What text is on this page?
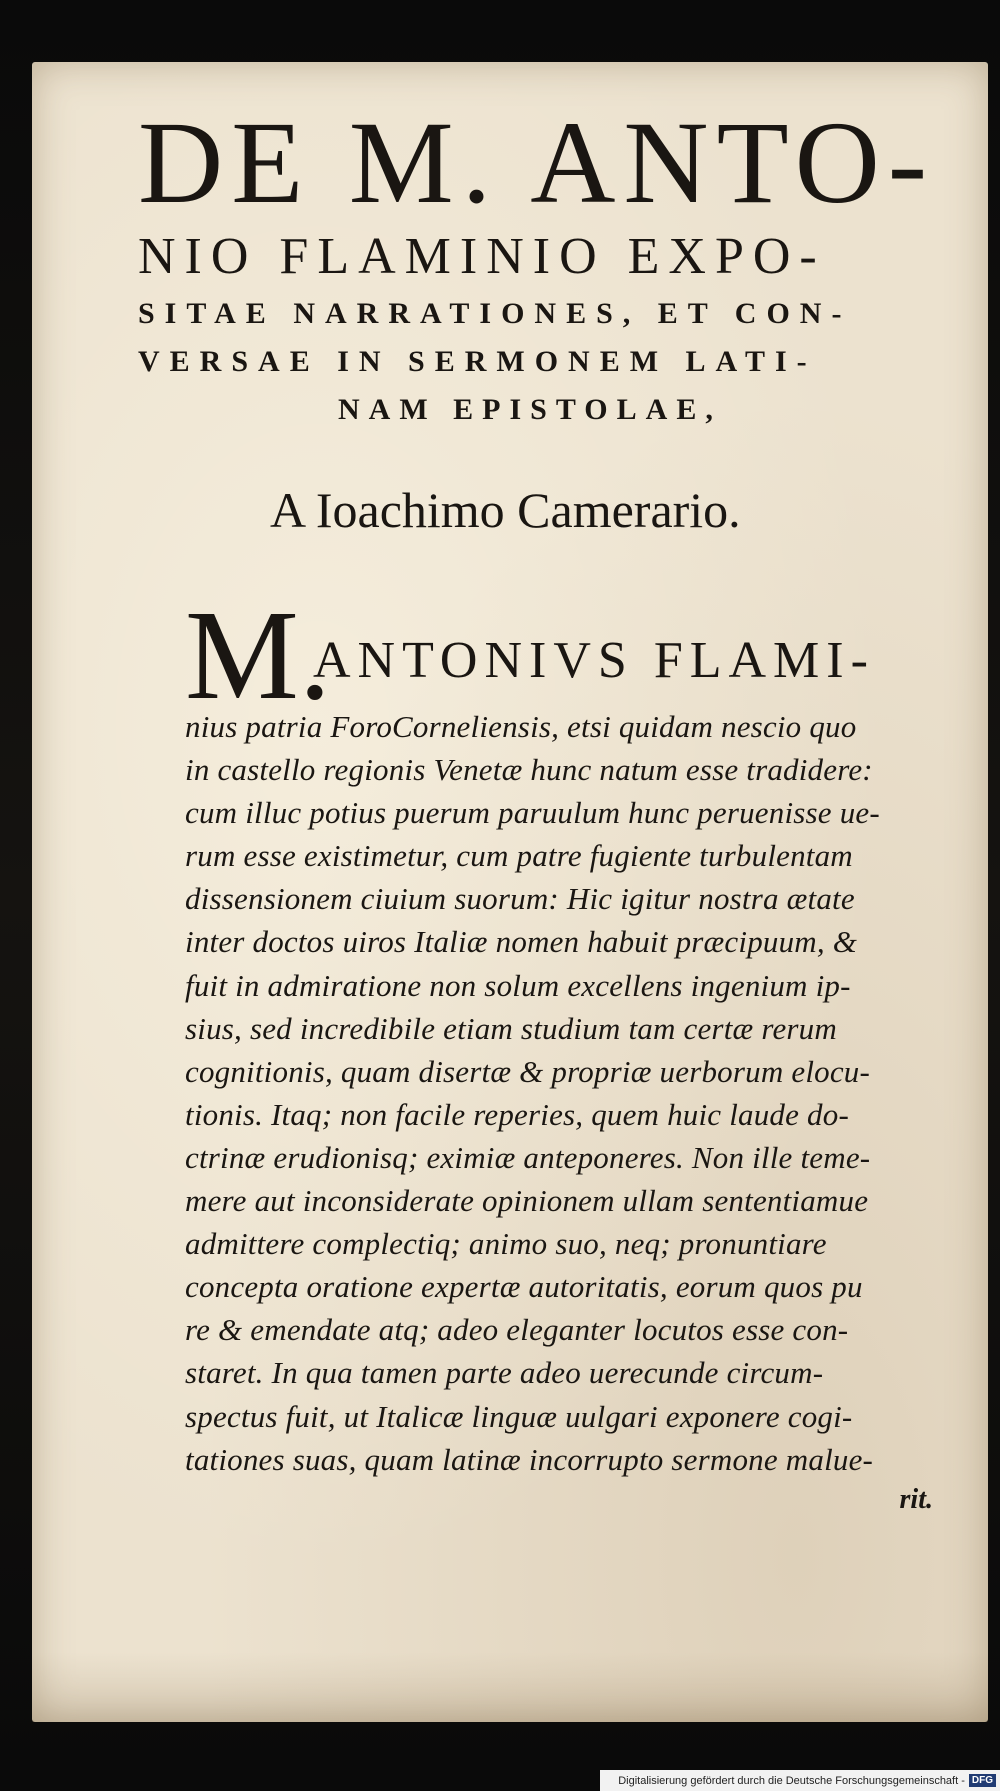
DE M. ANTO-
NIO FLAMINIO EXPO-
SITAE NARRATIONES, ET CON-
VERSAE IN SERMONEM LATI-
NAM EPISTOLAE,
A Ioachimo Camerario.
M.
ANTONIVS FLAMI-

nius patria ForoCorneliensis, etsi quidam nescio quo

in castello regionis Venetæ hunc natum esse tradidere:

cum illuc potius puerum paruulum hunc peruenisse ue-

rum esse existimetur, cum patre fugiente turbulentam

dissensionem ciuium suorum: Hic igitur nostra ætate

inter doctos uiros Italiæ nomen habuit præcipuum, &

fuit in admiratione non solum excellens ingenium ip-

sius, sed incredibile etiam studium tam certæ rerum

cognitionis, quam disertæ & propriæ uerborum elocu-

tionis. Itaq; non facile reperies, quem huic laude do-

ctrinæ erudionisq; eximiæ anteponeres. Non ille teme-

mere aut inconsiderate opinionem ullam sententiamue

admittere complectiq; animo suo, neq; pronuntiare

concepta oratione expertæ autoritatis, eorum quos pu

re & emendate atq; adeo eleganter locutos esse con-

staret. In qua tamen parte adeo uerecunde circum-

spectus fuit, ut Italicæ linguæ uulgari exponere cogi-

tationes suas, quam latinæ incorrupto sermone malue-

rit.
Digitalisierung gefördert durch die Deutsche Forschungsgemeinschaft - DFG
